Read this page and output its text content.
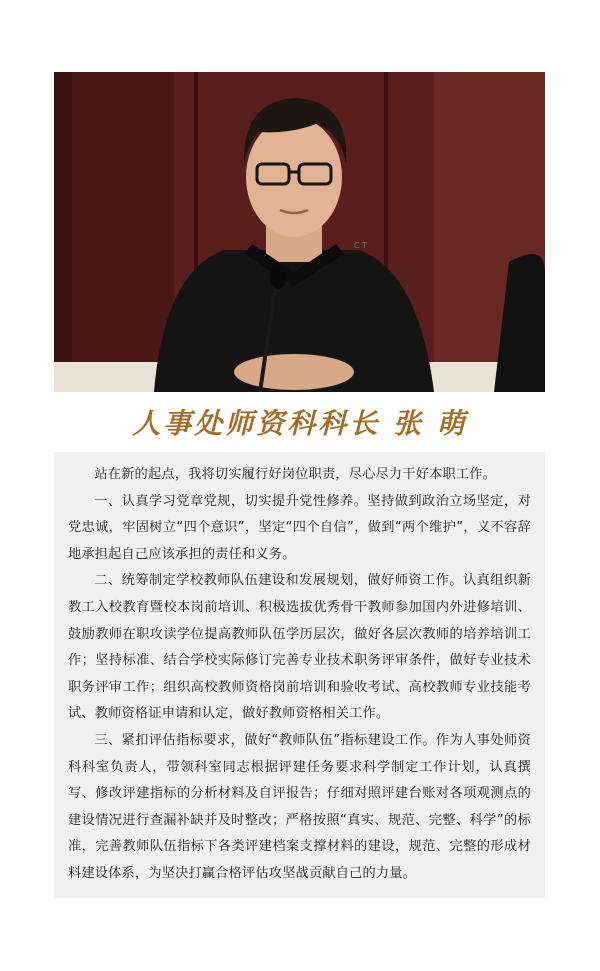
C T
人事处师资科科长 张 萌

站在新的起点，我将切实履行好岗位职责，尽心尽力干好本职工作。

一、认真学习党章党规，切实提升党性修养。坚持做到政治立场坚定，对党忠诚，牢固树立“四个意识”，坚定“四个自信”，做到“两个维护”，义不容辞地承担起自己应该承担的责任和义务。

二、统筹制定学校教师队伍建设和发展规划，做好师资工作。认真组织新教工入校教育暨校本岗前培训、积极选拔优秀骨干教师参加国内外进修培训、鼓励教师在职攻读学位提高教师队伍学历层次，做好各层次教师的培养培训工作；坚持标准、结合学校实际修订完善专业技术职务评审条件，做好专业技术职务评审工作；组织高校教师资格岗前培训和验收考试、高校教师专业技能考试、教师资格证申请和认定，做好教师资格相关工作。

三、紧扣评估指标要求，做好“教师队伍”指标建设工作。作为人事处师资科科室负责人，带领科室同志根据评建任务要求科学制定工作计划，认真撰写、修改评建指标的分析材料及自评报告；仔细对照评建台账对各项观测点的建设情况进行查漏补缺并及时整改；严格按照“真实、规范、完整、科学”的标准，完善教师队伍指标下各类评建档案支撑材料的建设，规范、完整的形成材料建设体系，为坚决打赢合格评估攻坚战贡献自己的力量。
